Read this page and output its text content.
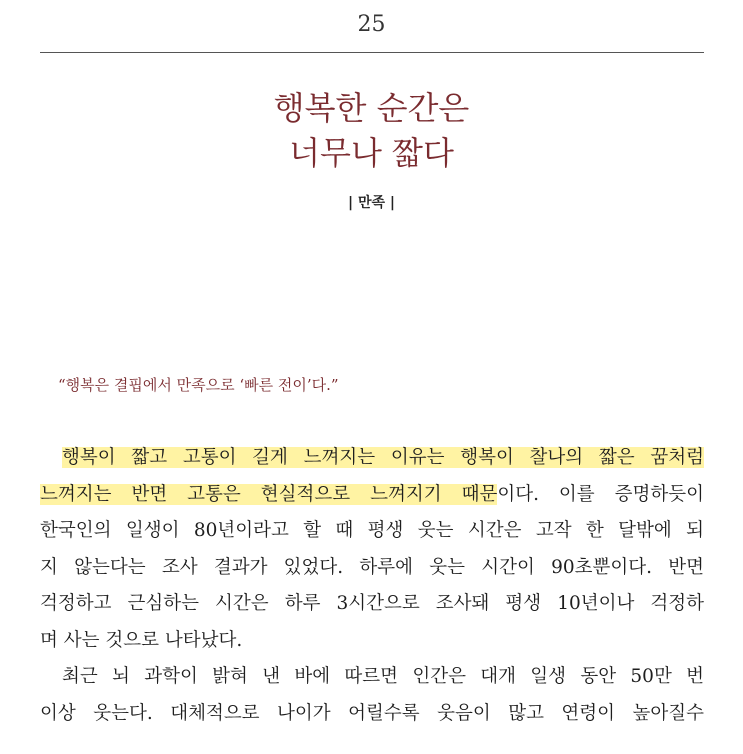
25
행복한 순간은
너무나 짧다
| 만족 |
“행복은 결핍에서 만족으로 ‘빠른 전이’다.”
행복이 짧고 고통이 길게 느껴지는 이유는 행복이 찰나의 짧은 꿈처럼
느껴지는 반면 고통은 현실적으로 느껴지기 때문이다. 이를 증명하듯이
한국인의 일생이 80년이라고 할 때 평생 웃는 시간은 고작 한 달밖에 되
지 않는다는 조사 결과가 있었다. 하루에 웃는 시간이 90초뿐이다. 반면
걱정하고 근심하는 시간은 하루 3시간으로 조사돼 평생 10년이나 걱정하
며 사는 것으로 나타났다.
최근 뇌 과학이 밝혀 낸 바에 따르면 인간은 대개 일생 동안 50만 번
이상 웃는다. 대체적으로 나이가 어릴수록 웃음이 많고 연령이 높아질수
